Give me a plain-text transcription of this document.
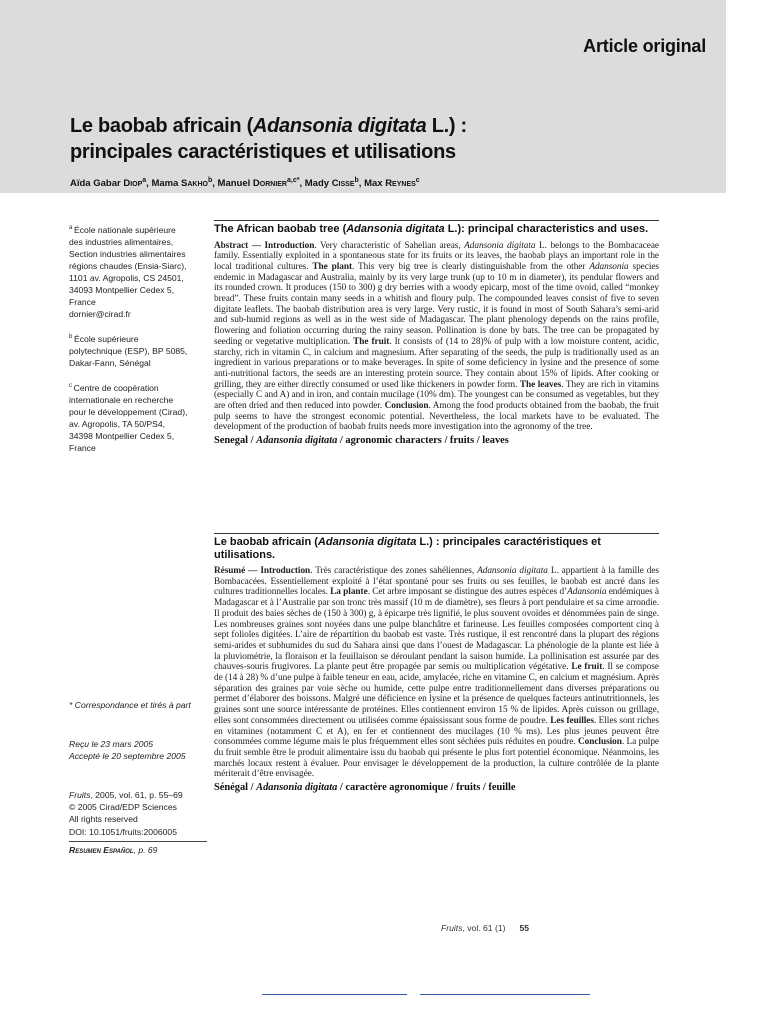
Article original
Le baobab africain (Adansonia digitata L.) :
principales caractéristiques et utilisations
Aïda Gabar Diop$^a$, Mama Sakho$^b$, Manuel Dornier$^{a,c*}$, Mady Cisse$^b$, Max Reynes$^c$
$^a$ École nationale supérieure
des industries alimentaires,
Section industries alimentaires
régions chaudes (Ensia-Siarc),
1101 av. Agropolis, CS 24501,
34093 Montpellier Cedex 5,
France
dornier@cirad.fr
$^b$ École supérieure
polytechnique (ESP), BP 5085,
Dakar-Fann, Sénégal
$^c$ Centre de coopération
internationale en recherche
pour le développement (Cirad),
av. Agropolis, TA 50/PS4,
34398 Montpellier Cedex 5,
France
* Correspondance et tirés à part
Reçu le 23 mars 2005
Accepté le 20 septembre 2005
Fruits, 2005, vol. 61, p. 55–69
© 2005 Cirad/EDP Sciences
All rights reserved
DOI: 10.1051/fruits:2006005
Resumen Español, p. 69
The African baobab tree (Adansonia digitata L.): principal characteristics and uses.
Abstract — Introduction. Very characteristic of Sahelian areas, Adansonia digitata L. belongs to the Bombacaceae family. Essentially exploited in a spontaneous state for its fruits or its leaves, the baobab plays an important role in the local traditional cultures. The plant. This very big tree is clearly distinguishable from the other Adansonia species endemic in Madagascar and Australia, mainly by its very large trunk (up to 10 m in diameter), its pendular flowers and its rounded crown. It produces (150 to 300) g dry berries with a woody epicarp, most of the time ovoid, called “monkey bread”. These fruits contain many seeds in a whitish and floury pulp. The compounded leaves consist of five to seven digitate leaflets. The baobab distribution area is very large. Very rustic, it is found in most of South Sahara’s semi-arid and sub-humid regions as well as in the west side of Madagascar. The plant phenology depends on the rains profile, flowering and foliation occurring during the rainy season. Pollination is done by bats. The tree can be propagated by seeding or vegetative multiplication. The fruit. It consists of (14 to 28)% of pulp with a low moisture content, acidic, starchy, rich in vitamin C, in calcium and magnesium. After separating of the seeds, the pulp is traditionally used as an ingredient in various preparations or to make beverages. In spite of some deficiency in lysine and the presence of some anti-nutritional factors, the seeds are an interesting protein source. They contain about 15% of lipids. After cooking or grilling, they are either directly consumed or used like thickeners in powder form. The leaves. They are rich in vitamins (especially C and A) and in iron, and contain mucilage (10% dm). The youngest can be consumed as vegetables, but they are often dried and then reduced into powder. Conclusion. Among the food products obtained from the baobab, the fruit pulp seems to have the strongest economic potential. Nevertheless, the local markets have to be evaluated. The development of the production of baobab fruits needs more investigation into the agronomy of the tree.
Senegal / Adansonia digitata / agronomic characters / fruits / leaves
Le baobab africain (Adansonia digitata L.) : principales caractéristiques et utilisations.
Résumé — Introduction. Très caractéristique des zones sahéliennes, Adansonia digitata L. appartient à la famille des Bombacacées. Essentiellement exploité à l’état spontané pour ses fruits ou ses feuilles, le baobab est ancré dans les cultures traditionnelles locales. La plante. Cet arbre imposant se distingue des autres espèces d’Adansonia endémiques à Madagascar et à l’Australie par son tronc très massif (10 m de diamètre), ses fleurs à port pendulaire et sa cime arrondie. Il produit des baies sèches de (150 à 300) g, à épicarpe très lignifié, le plus souvent ovoïdes et dénommées pain de singe. Les nombreuses graines sont noyées dans une pulpe blanchâtre et farineuse. Les feuilles composées comportent cinq à sept folioles digitées. L’aire de répartition du baobab est vaste. Très rustique, il est rencontré dans la plupart des régions semi-arides et subhumides du sud du Sahara ainsi que dans l’ouest de Madagascar. La phénologie de la plante est liée à la pluviométrie, la floraison et la feuillaison se déroulant pendant la saison humide. La pollinisation est assurée par des chauves-souris frugivores. La plante peut être propagée par semis ou multiplication végétative. Le fruit. Il se compose de (14 à 28) % d’une pulpe à faible teneur en eau, acide, amylacée, riche en vitamine C, en calcium et magnésium. Après séparation des graines par voie sèche ou humide, cette pulpe entre traditionnellement dans diverses préparations ou permet d’élaborer des boissons. Malgré une déficience en lysine et la présence de quelques facteurs antinutritionnels, les graines sont une source intéressante de protéines. Elles contiennent environ 15 % de lipides. Après cuisson ou grillage, elles sont consommées directement ou utilisées comme épaississant sous forme de poudre. Les feuilles. Elles sont riches en vitamines (notamment C et A), en fer et contiennent des mucilages (10 % ms). Les plus jeunes peuvent être consommées comme légume mais le plus fréquemment elles sont séchées puis réduites en poudre. Conclusion. La pulpe du fruit semble être le produit alimentaire issu du baobab qui présente le plus fort potentiel économique. Néanmoins, les marchés locaux restent à évaluer. Pour envisager le développement de la production, la culture contrôlée de la plante mériterait d’être envisagée.
Sénégal / Adansonia digitata / caractère agronomique / fruits / feuille
Fruits, vol. 61 (1) 55
